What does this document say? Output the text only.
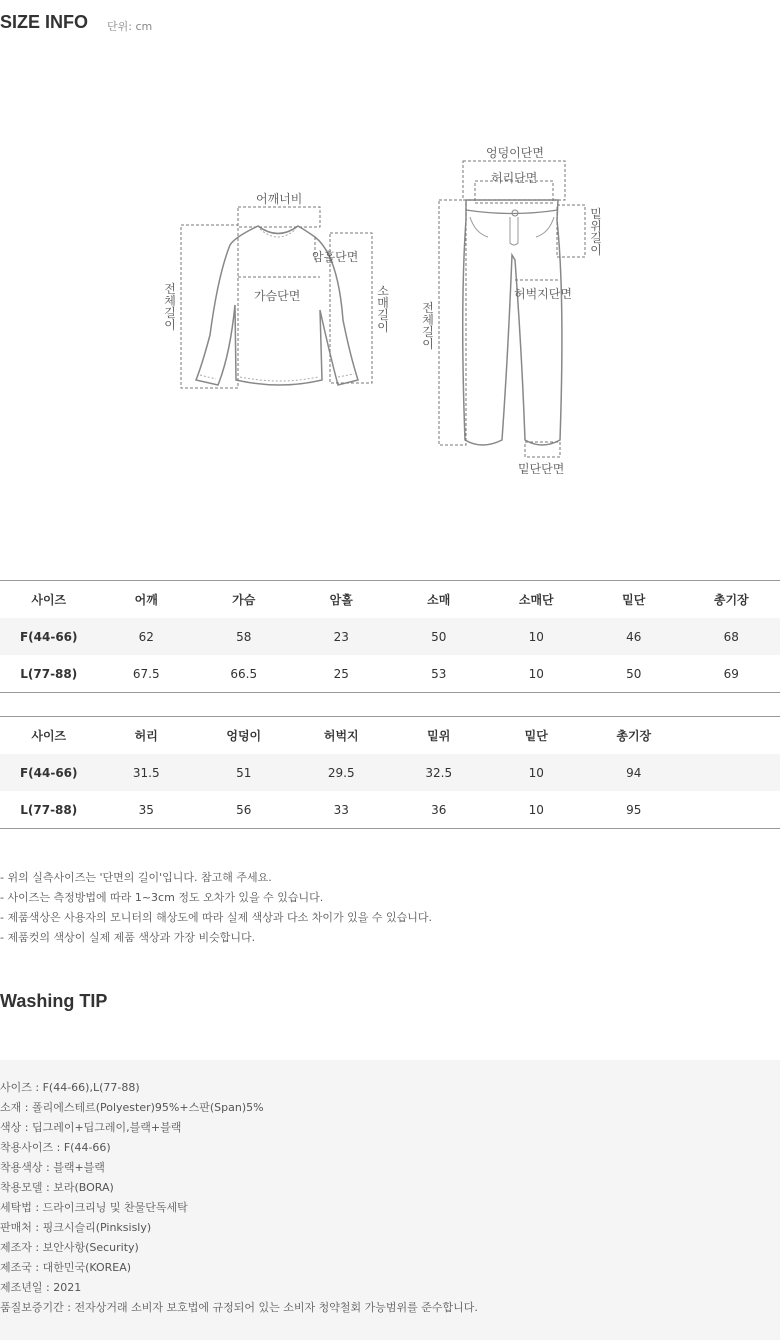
SIZE INFO 단위: cm
어깨너비
암홀단면
가슴단면
전체길이
소매길이
엉덩이단면
허리단면
밑위길이
허벅지단면
전체길이
밑단단면
사이즈	어깨	가슴	암홀	소매	소매단	밑단	총기장
F(44-66)	62	58	23	50	10	46	68
L(77-88)	67.5	66.5	25	53	10	50	69
사이즈	허리	엉덩이	허벅지	밑위	밑단	총기장	
F(44-66)	31.5	51	29.5	32.5	10	94	
L(77-88)	35	56	33	36	10	95	
- 위의 실측사이즈는 '단면의 길이'입니다. 참고해 주세요.
- 사이즈는 측정방법에 따라 1~3cm 정도 오차가 있을 수 있습니다.
- 제품색상은 사용자의 모니터의 해상도에 따라 실제 색상과 다소 차이가 있을 수 있습니다.
- 제품컷의 색상이 실제 제품 색상과 가장 비슷합니다.
Washing TIP
사이즈 : F(44-66),L(77-88)
소재 : 폴리에스테르(Polyester)95%+스판(Span)5%
색상 : 딥그레이+딥그레이,블랙+블랙
착용사이즈 : F(44-66)
착용색상 : 블랙+블랙
착용모델 : 보라(BORA)
세탁법 : 드라이크리닝 및 찬물단독세탁
판매처 : 핑크시슬리(Pinksisly)
제조자 : 보안사항(Security)
제조국 : 대한민국(KOREA)
제조년일 : 2021
품질보증기간 : 전자상거래 소비자 보호법에 규정되어 있는 소비자 청약철회 가능범위를 준수합니다.
